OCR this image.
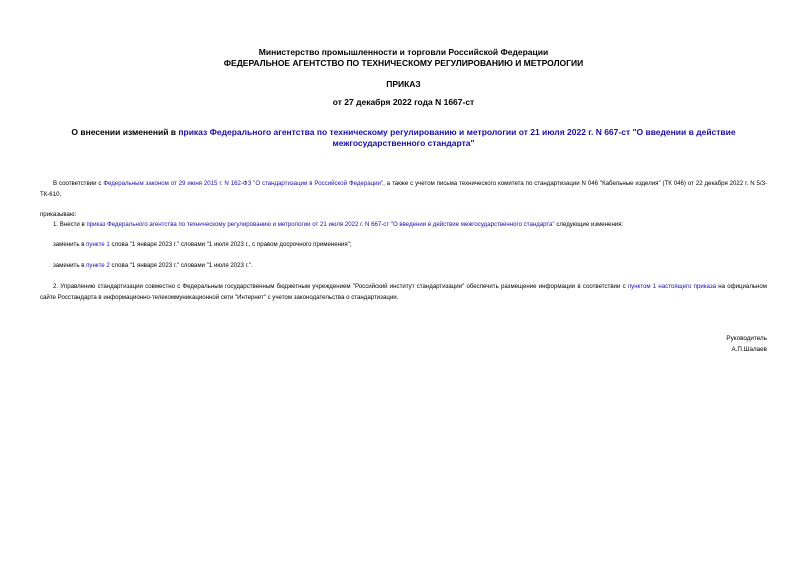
Министерство промышленности и торговли Российской Федерации
ФЕДЕРАЛЬНОЕ АГЕНТСТВО ПО ТЕХНИЧЕСКОМУ РЕГУЛИРОВАНИЮ И МЕТРОЛОГИИ
ПРИКАЗ
от 27 декабря 2022 года N 1667-ст
О внесении изменений в приказ Федерального агентства по техническому регулированию и метрологии от 21 июля 2022 г. N 667-ст "О введении в действие межгосударственного стандарта"
В соответствии с Федеральным законом от 29 июня 2015 г. N 162-ФЗ "О стандартизации в Российской Федерации", а также с учетом письма технического комитета по стандартизации N 046 "Кабельные изделия" (ТК 046) от 22 декабря 2022 г. N 5/3-ТК-610,
приказываю:
1. Внести в приказ Федерального агентства по техническому регулированию и метрологии от 21 июля 2022 г. N 667-ст "О введении в действие межгосударственного стандарта" следующие изменения:
заменить в пункте 1 слова "1 января 2023 г." словами "1 июля 2023 г., с правом досрочного применения";
заменить в пункте 2 слова "1 января 2023 г." словами "1 июля 2023 г.".
2. Управлению стандартизации совместно с Федеральным государственным бюджетным учреждением "Российский институт стандартизации" обеспечить размещение информации в соответствии с пунктом 1 настоящего приказа на официальном сайте Росстандарта в информационно-телекоммуникационной сети "Интернет" с учетом законодательства о стандартизации.
Руководитель
А.П.Шалаев
